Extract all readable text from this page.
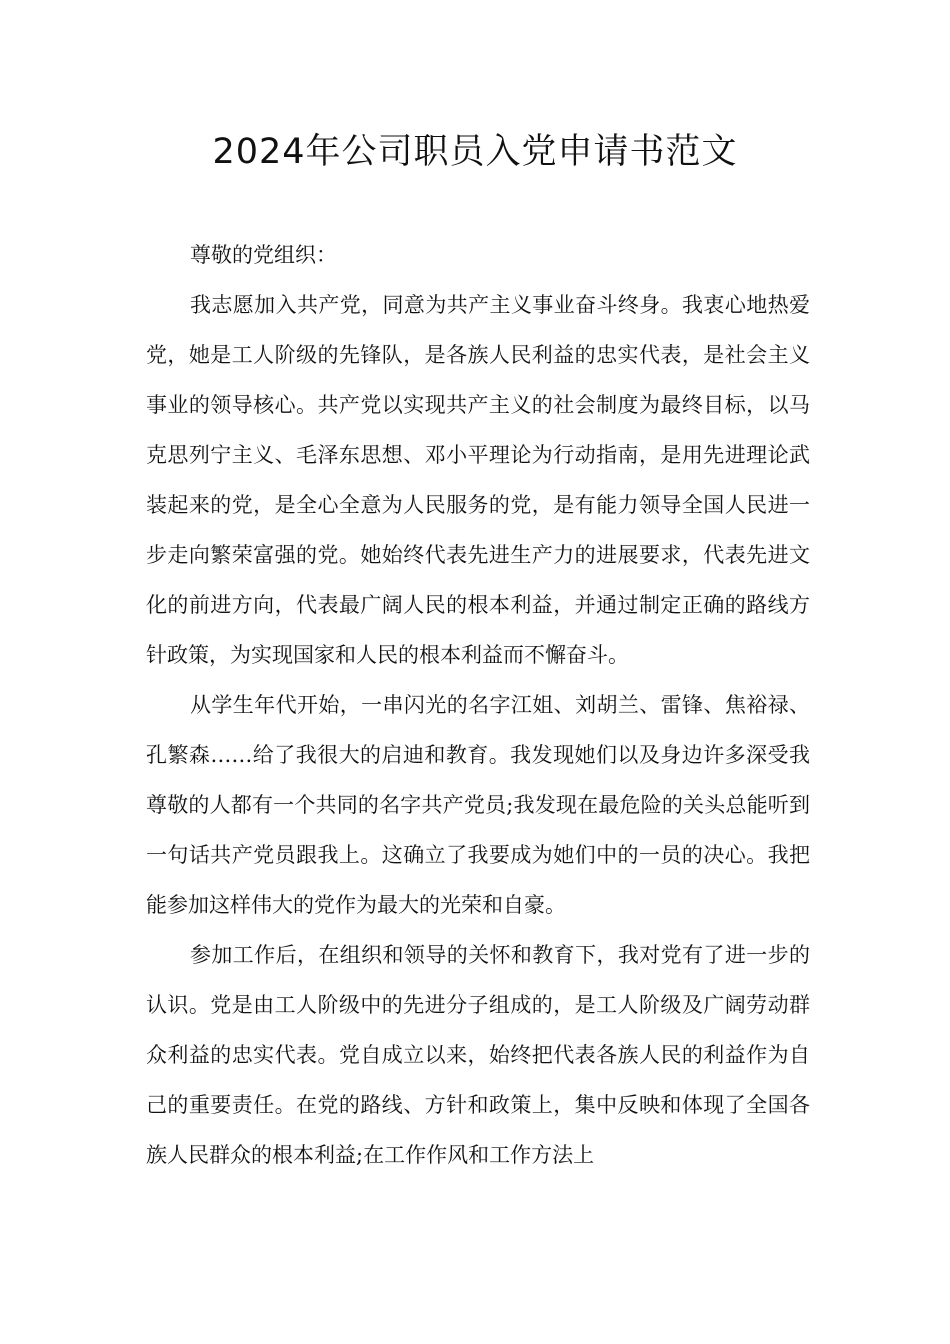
2024年公司职员入党申请书范文

尊敬的党组织：

我志愿加入共产党，同意为共产主义事业奋斗终身。我衷心地热爱党，她是工人阶级的先锋队，是各族人民利益的忠实代表，是社会主义事业的领导核心。共产党以实现共产主义的社会制度为最终目标，以马克思列宁主义、毛泽东思想、邓小平理论为行动指南，是用先进理论武装起来的党，是全心全意为人民服务的党，是有能力领导全国人民进一步走向繁荣富强的党。她始终代表先进生产力的进展要求，代表先进文化的前进方向，代表最广阔人民的根本利益，并通过制定正确的路线方针政策，为实现国家和人民的根本利益而不懈奋斗。

从学生年代开始，一串闪光的名字江姐、刘胡兰、雷锋、焦裕禄、孔繁森……给了我很大的启迪和教育。我发现她们以及身边许多深受我尊敬的人都有一个共同的名字共产党员;我发现在最危险的关头总能听到一句话共产党员跟我上。这确立了我要成为她们中的一员的决心。我把能参加这样伟大的党作为最大的光荣和自豪。

参加工作后，在组织和领导的关怀和教育下，我对党有了进一步的认识。党是由工人阶级中的先进分子组成的，是工人阶级及广阔劳动群众利益的忠实代表。党自成立以来，始终把代表各族人民的利益作为自己的重要责任。在党的路线、方针和政策上，集中反映和体现了全国各族人民群众的根本利益;在工作作风和工作方法上
